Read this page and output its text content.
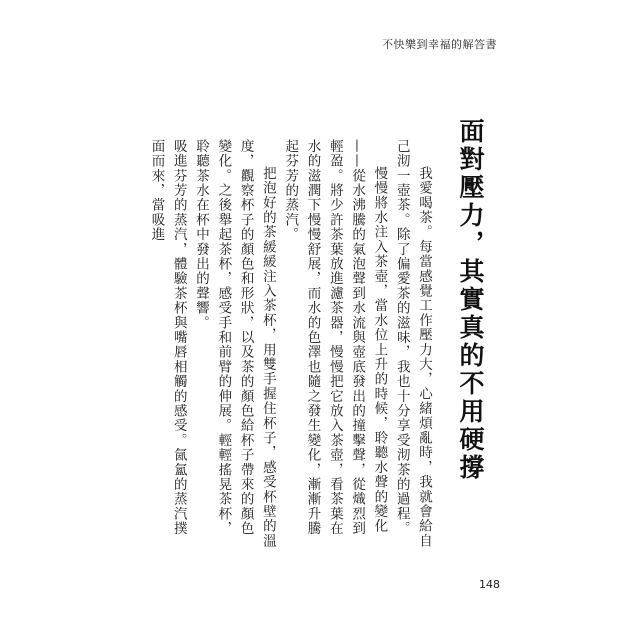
不快樂到幸福的解答書
面對壓力，其實真的不用硬撐

我愛喝茶。每當感覺工作壓力大，心緒煩亂時，我就會給自己沏一壺茶。除了偏愛茶的滋味，我也十分享受沏茶的過程。

慢慢將水注入茶壺，當水位上升的時候，聆聽水聲的變化——從水沸騰的氣泡聲到水流與壺底發出的撞擊聲，從熾烈到輕盈。將少許茶葉放進濾茶器，慢慢把它放入茶壺，看茶葉在水的滋潤下慢慢舒展，而水的色澤也隨之發生變化，漸漸升騰起芬芳的蒸汽。

把泡好的茶緩緩注入茶杯，用雙手握住杯子，感受杯壁的溫度，觀察杯子的顏色和形狀，以及茶的顏色給杯子帶來的顏色變化。之後舉起茶杯，感受手和前臂的伸展。輕輕搖晃茶杯，聆聽茶水在杯中發出的聲響。

吸進芬芳的蒸汽，體驗茶杯與嘴唇相觸的感受。氤氳的蒸汽撲面而來，當吸進

148
